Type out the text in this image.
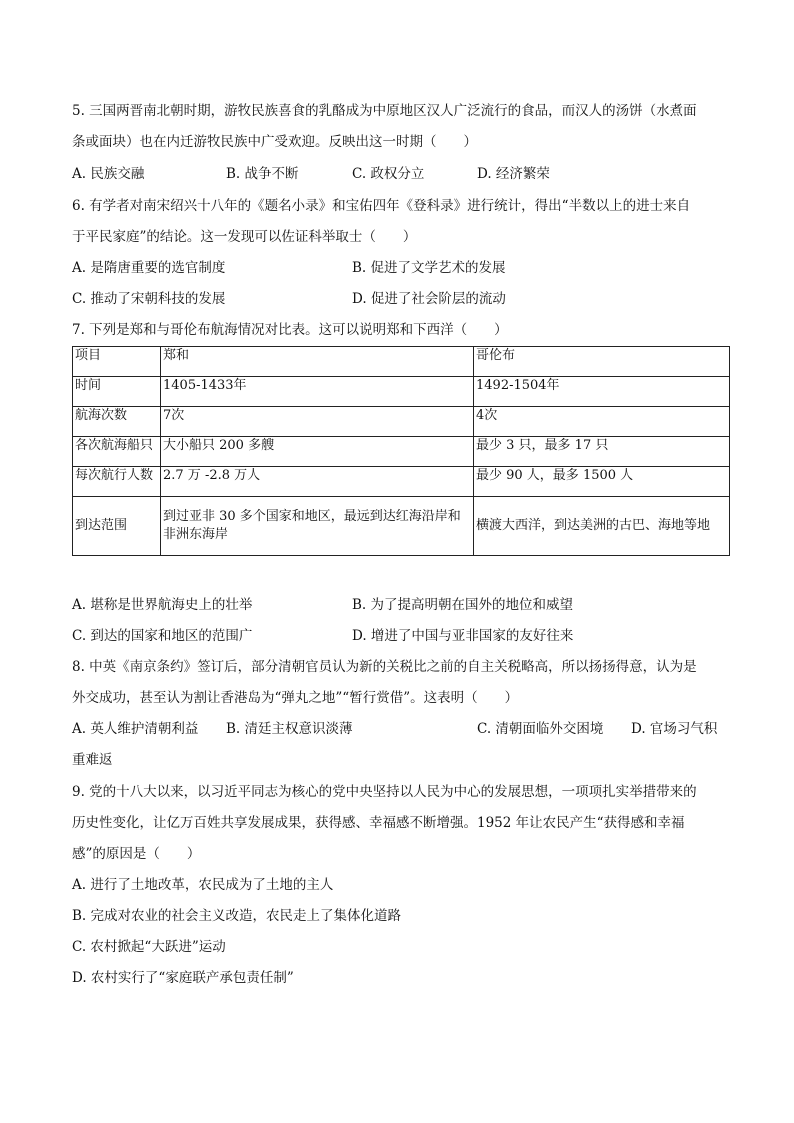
5. 三国两晋南北朝时期，游牧民族喜食的乳酪成为中原地区汉人广泛流行的食品，而汉人的汤饼（水煮面
条或面块）也在内迁游牧民族中广受欢迎。反映出这一时期（　　）
A. 民族交融	B. 战争不断	C. 政权分立	D. 经济繁荣
6. 有学者对南宋绍兴十八年的《题名小录》和宝佑四年《登科录》进行统计，得出“半数以上的进士来自
于平民家庭”的结论。这一发现可以佐证科举取士（　　）
A. 是隋唐重要的选官制度	B. 促进了文学艺术的发展
C. 推动了宋朝科技的发展	D. 促进了社会阶层的流动
7. 下列是郑和与哥伦布航海情况对比表。这可以说明郑和下西洋（　　）
项目	郑和	哥伦布
时间	1405-1433年	1492-1504年
航海次数	7次	4次
各次航海船只	大小船只 200 多艘	最少 3 只，最多 17 只
每次航行人数	2.7 万 -2.8 万人	最少 90 人，最多 1500 人
到达范围	到过亚非 30 多个国家和地区，最远到达红海沿岸和非洲东海岸	横渡大西洋，到达美洲的古巴、海地等地
A. 堪称是世界航海史上的壮举	B. 为了提高明朝在国外的地位和威望
C. 到达的国家和地区的范围广	D. 增进了中国与亚非国家的友好往来
8. 中英《南京条约》签订后，部分清朝官员认为新的关税比之前的自主关税略高，所以扬扬得意，认为是
外交成功，甚至认为割让香港岛为“弹丸之地”“暂行赏借”。这表明（　　）
A. 英人维护清朝利益 B. 清廷主权意识淡薄	C. 清朝面临外交困境 D. 官场习气积
重难返
9. 党的十八大以来，以习近平同志为核心的党中央坚持以人民为中心的发展思想，一项项扎实举措带来的
历史性变化，让亿万百姓共享发展成果，获得感、幸福感不断增强。1952 年让农民产生“获得感和幸福
感”的原因是（　　）
A. 进行了土地改革，农民成为了土地的主人
B. 完成对农业的社会主义改造，农民走上了集体化道路
C. 农村掀起“大跃进”运动
D. 农村实行了“家庭联产承包责任制”
